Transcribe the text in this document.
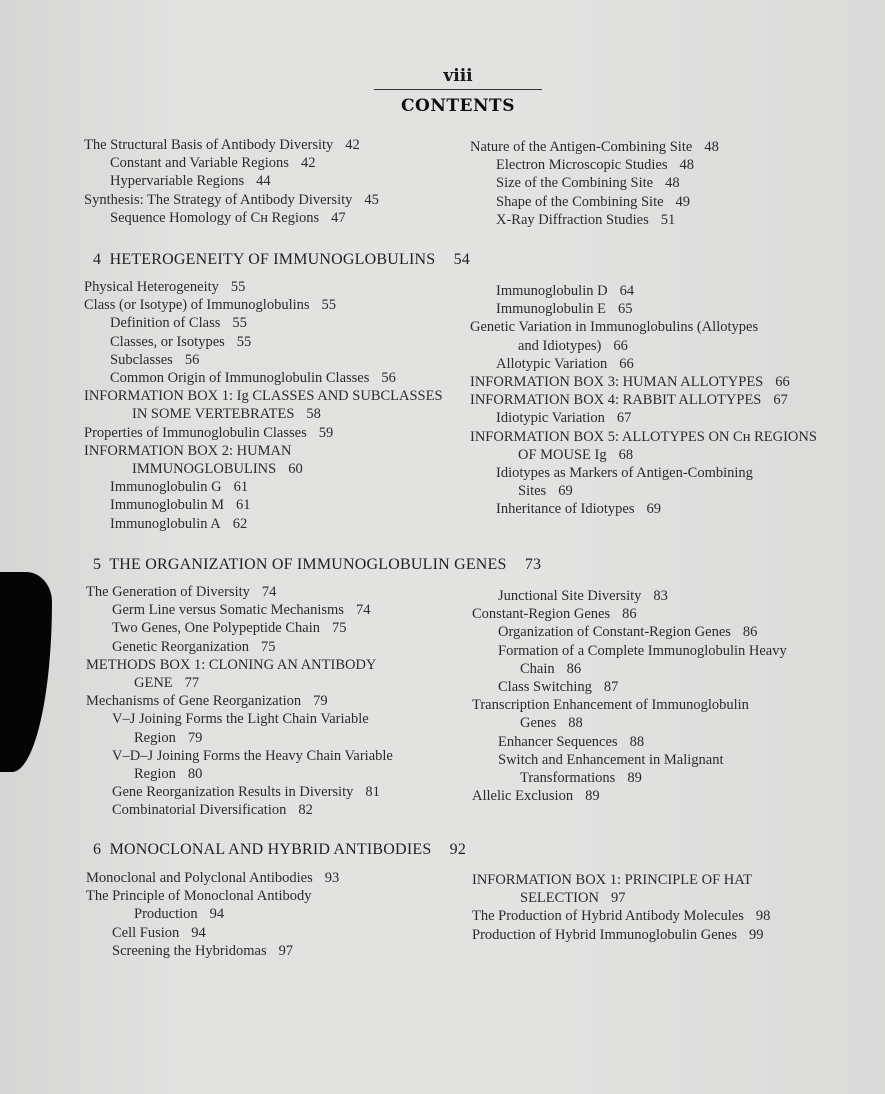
viii
CONTENTS
The Structural Basis of Antibody Diversity 42
Constant and Variable Regions 42
Hypervariable Regions 44
Synthesis: The Strategy of Antibody Diversity 45
Sequence Homology of Cʜ Regions 47
Nature of the Antigen-Combining Site 48
Electron Microscopic Studies 48
Size of the Combining Site 48
Shape of the Combining Site 49
X-Ray Diffraction Studies 51
4 HETEROGENEITY OF IMMUNOGLOBULINS 54
Physical Heterogeneity 55
Class (or Isotype) of Immunoglobulins 55
Definition of Class 55
Classes, or Isotypes 55
Subclasses 56
Common Origin of Immunoglobulin Classes 56
INFORMATION BOX 1: Ig CLASSES AND SUBCLASSES
IN SOME VERTEBRATES 58
Properties of Immunoglobulin Classes 59
INFORMATION BOX 2: HUMAN
IMMUNOGLOBULINS 60
Immunoglobulin G 61
Immunoglobulin M 61
Immunoglobulin A 62
Immunoglobulin D 64
Immunoglobulin E 65
Genetic Variation in Immunoglobulins (Allotypes
and Idiotypes) 66
Allotypic Variation 66
INFORMATION BOX 3: HUMAN ALLOTYPES 66
INFORMATION BOX 4: RABBIT ALLOTYPES 67
Idiotypic Variation 67
INFORMATION BOX 5: ALLOTYPES ON Cʜ REGIONS
OF MOUSE Ig 68
Idiotypes as Markers of Antigen-Combining
Sites 69
Inheritance of Idiotypes 69
5 THE ORGANIZATION OF IMMUNOGLOBULIN GENES 73
The Generation of Diversity 74
Germ Line versus Somatic Mechanisms 74
Two Genes, One Polypeptide Chain 75
Genetic Reorganization 75
METHODS BOX 1: CLONING AN ANTIBODY
GENE 77
Mechanisms of Gene Reorganization 79
V–J Joining Forms the Light Chain Variable
Region 79
V–D–J Joining Forms the Heavy Chain Variable
Region 80
Gene Reorganization Results in Diversity 81
Combinatorial Diversification 82
Junctional Site Diversity 83
Constant-Region Genes 86
Organization of Constant-Region Genes 86
Formation of a Complete Immunoglobulin Heavy
Chain 86
Class Switching 87
Transcription Enhancement of Immunoglobulin
Genes 88
Enhancer Sequences 88
Switch and Enhancement in Malignant
Transformations 89
Allelic Exclusion 89
6 MONOCLONAL AND HYBRID ANTIBODIES 92
Monoclonal and Polyclonal Antibodies 93
The Principle of Monoclonal Antibody
Production 94
Cell Fusion 94
Screening the Hybridomas 97
INFORMATION BOX 1: PRINCIPLE OF HAT
SELECTION 97
The Production of Hybrid Antibody Molecules 98
Production of Hybrid Immunoglobulin Genes 99
